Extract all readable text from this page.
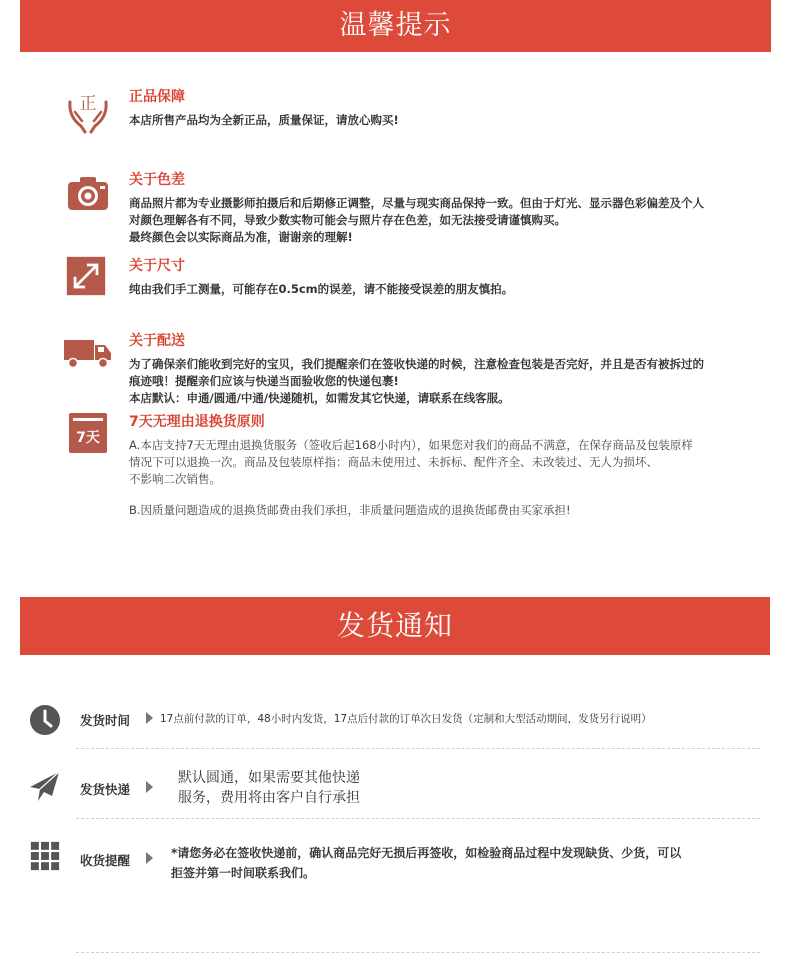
温馨提示
正 正品保障
本店所售产品均为全新正品，质量保证，请放心购买!
关于色差
商品照片都为专业摄影师拍摄后和后期修正调整，尽量与现实商品保持一致。但由于灯光、显示器色彩偏差及个人
对颜色理解各有不同，导致少数实物可能会与照片存在色差，如无法接受请谨慎购买。
最终颜色会以实际商品为准，谢谢亲的理解!
关于尺寸
纯由我们手工测量，可能存在0.5cm的误差，请不能接受误差的朋友慎拍。
关于配送
为了确保亲们能收到完好的宝贝，我们提醒亲们在签收快递的时候，注意检查包装是否完好，并且是否有被拆过的
痕迹哦！提醒亲们应该与快递当面验收您的快递包裹!
本店默认：申通/圆通/中通/快递随机，如需发其它快递，请联系在线客服。
7天
7天无理由退换货原则
A.本店支持7天无理由退换货服务（签收后起168小时内），如果您对我们的商品不满意，在保存商品及包装原样
情况下可以退换一次。商品及包装原样指：商品未使用过、未拆标、配件齐全、未改装过、无人为损坏、
不影响二次销售。
B.因质量问题造成的退换货邮费由我们承担，非质量问题造成的退换货邮费由买家承担!
发货通知
发货时间	17点前付款的订单，48小时内发货，17点后付款的订单次日发货（定制和大型活动期间，发货另行说明）
发货快递
默认圆通，如果需要其他快递
服务，费用将由客户自行承担
收货提醒	*请您务必在签收快递前，确认商品完好无损后再签收，如检验商品过程中发现缺货、少货，可以
拒签并第一时间联系我们。
